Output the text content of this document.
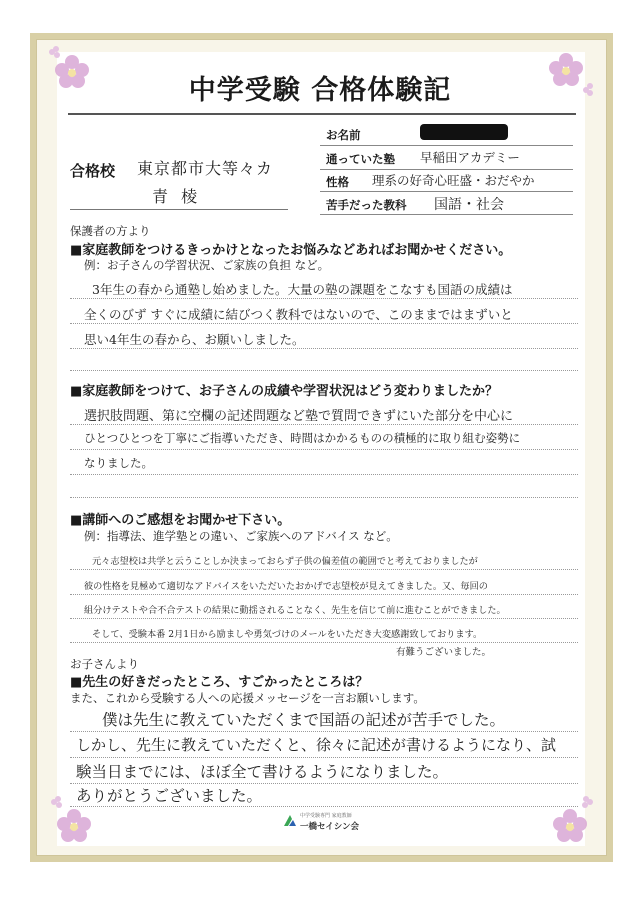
中学受験 合格体験記
合格校 東京都市大等々カ
青 棱
お名前
通っていた塾 早稲田アカデミー
性格 理系の好奇心旺盛・おだやか
苦手だった教科 国語・社会
保護者の方より
■家庭教師をつけるきっかけとなったお悩みなどあればお聞かせください。
例：お子さんの学習状況、ご家族の負担 など。
3年生の春から通塾し始めました。大量の塾の課題をこなすも国語の成績は
全くのびず すぐに成績に結びつく教科ではないので、このままではまずいと
思い4年生の春から、お願いしました。
■家庭教師をつけて、お子さんの成績や学習状況はどう変わりましたか？
選択肢問題、第に空欄の記述問題など塾で質問できずにいた部分を中心に
ひとつひとつを丁寧にご指導いただき、時間はかかるものの積極的に取り組む姿勢に
なりました。
■講師へのご感想をお聞かせ下さい。
例：指導法、進学塾との違い、ご家族へのアドバイス など。
元々志望校は共学と云うことしか決まっておらず子供の偏差值の範囲でと考えておりましたが
彼の性格を見極めて適切なアドバイスをいただいたおかげで志望校が見えてきました。又、毎回の
組分けテストや合不合テストの結果に動揺されることなく、先生を信じて前に進むことができました。
そして、受験本番 2月1日から励ましや勇気づけのメールをいただき大変感謝致しております。
有難うございました。
お子さんより
■先生の好きだったところ、すごかったところは？
また、これから受験する人への応援メッセージを一言お願いします。
僕は先生に教えていただくまで国語の記述が苦手でした。
しかし、先生に教えていただくと、徐々に記述が書けるようになり、試
験当日までには、ほぼ全て書けるようになりました。
ありがとうございました。
中学受験専門 家庭教師
一橋セイシン会
